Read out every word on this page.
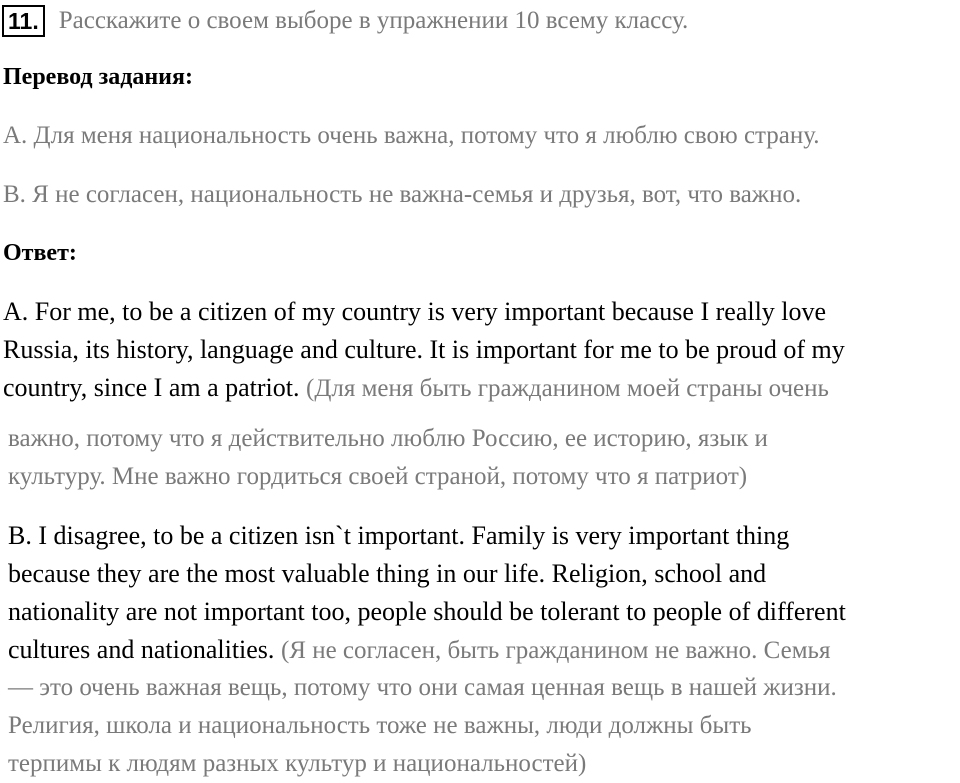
11. Расскажите о своем выборе в упражнении 10 всему классу.
Перевод задания:
А. Для меня национальность очень важна, потому что я люблю свою страну.
В. Я не согласен, национальность не важна-семья и друзья, вот, что важно.
Ответ:
A. For me, to be a citizen of my country is very important because I really love
Russia, its history, language and culture. It is important for me to be proud of my
country, since I am a patriot. (Для меня быть гражданином моей страны очень
важно, потому что я действительно люблю Россию, ее историю, язык и
культуру. Мне важно гордиться своей страной, потому что я патриот)
B. I disagree, to be a citizen isn`t important. Family is very important thing
because they are the most valuable thing in our life. Religion, school and
nationality are not important too, people should be tolerant to people of different
cultures and nationalities. (Я не согласен, быть гражданином не важно. Семья
— это очень важная вещь, потому что они самая ценная вещь в нашей жизни.
Религия, школа и национальность тоже не важны, люди должны быть
терпимы к людям разных культур и национальностей)
